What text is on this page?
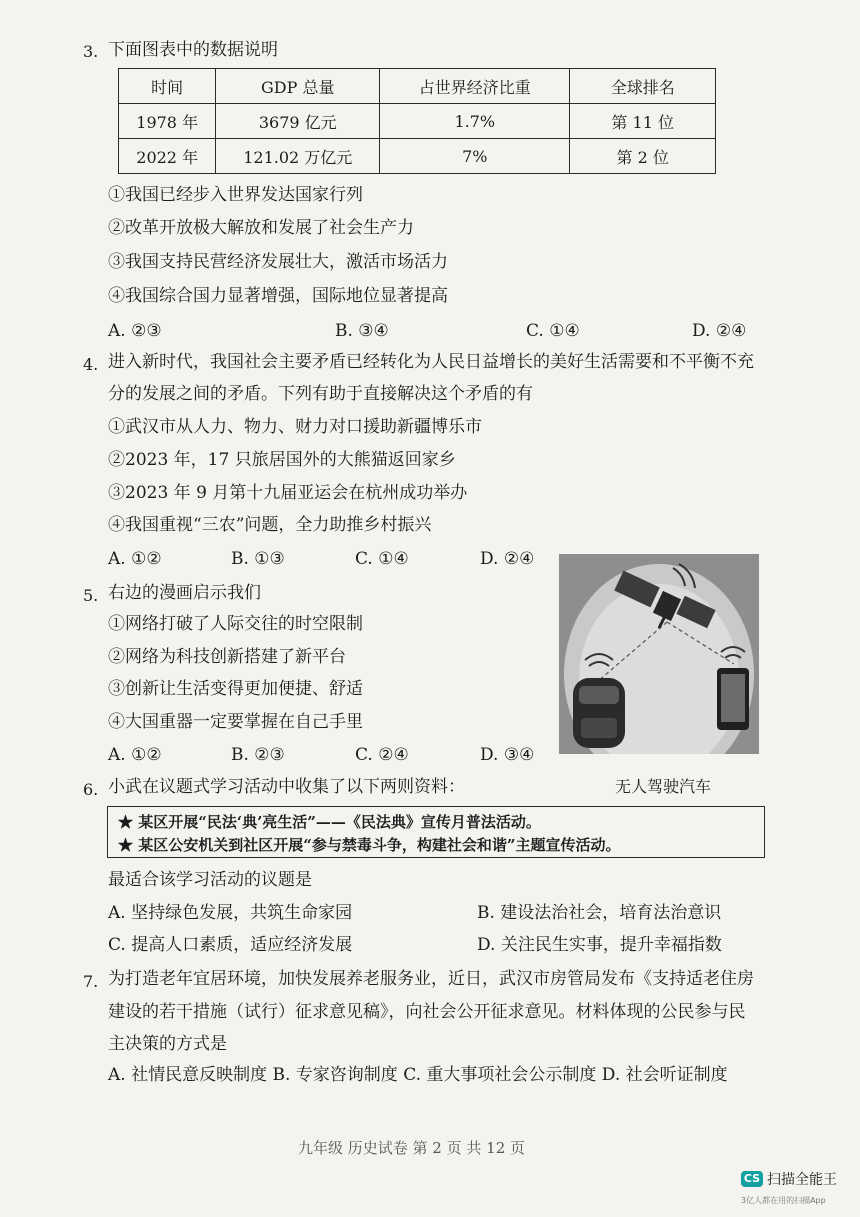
3. 下面图表中的数据说明
时间	GDP 总量	占世界经济比重	全球排名
1978 年	3679 亿元	1.7%	第 11 位
2022 年	121.02 万亿元	7%	第 2 位
①我国已经步入世界发达国家行列
②改革开放极大解放和发展了社会生产力
③我国支持民营经济发展壮大，激活市场活力
④我国综合国力显著增强，国际地位显著提高
A. ②③	B. ③④	C. ①④	D. ②④
4. 进入新时代，我国社会主要矛盾已经转化为人民日益增长的美好生活需要和不平衡不充
分的发展之间的矛盾。下列有助于直接解决这个矛盾的有
①武汉市从人力、物力、财力对口援助新疆博乐市
②2023 年，17 只旅居国外的大熊猫返回家乡
③2023 年 9 月第十九届亚运会在杭州成功举办
④我国重视“三农”问题，全力助推乡村振兴
A. ①②	B. ①③	C. ①④	D. ②④
5. 右边的漫画启示我们
①网络打破了人际交往的时空限制
②网络为科技创新搭建了新平台
③创新让生活变得更加便捷、舒适
④大国重器一定要掌握在自己手里
A. ①②	B. ②③	C. ②④	D. ③④
无人驾驶汽车
6. 小武在议题式学习活动中收集了以下两则资料：
★ 某区开展“民法‘典’亮生活”——《民法典》宣传月普法活动。
★ 某区公安机关到社区开展“参与禁毒斗争，构建社会和谐”主题宣传活动。
最适合该学习活动的议题是
A. 坚持绿色发展，共筑生命家园	B. 建设法治社会，培育法治意识
C. 提高人口素质，适应经济发展	D. 关注民生实事，提升幸福指数
7. 为打造老年宜居环境，加快发展养老服务业，近日，武汉市房管局发布《支持适老住房
建设的若干措施（试行）征求意见稿》，向社会公开征求意见。材料体现的公民参与民
主决策的方式是
A. 社情民意反映制度 B. 专家咨询制度 C. 重大事项社会公示制度 D. 社会听证制度
九年级 历史试卷 第 2 页 共 12 页
CS 扫描全能王
3亿人都在用的扫描App
